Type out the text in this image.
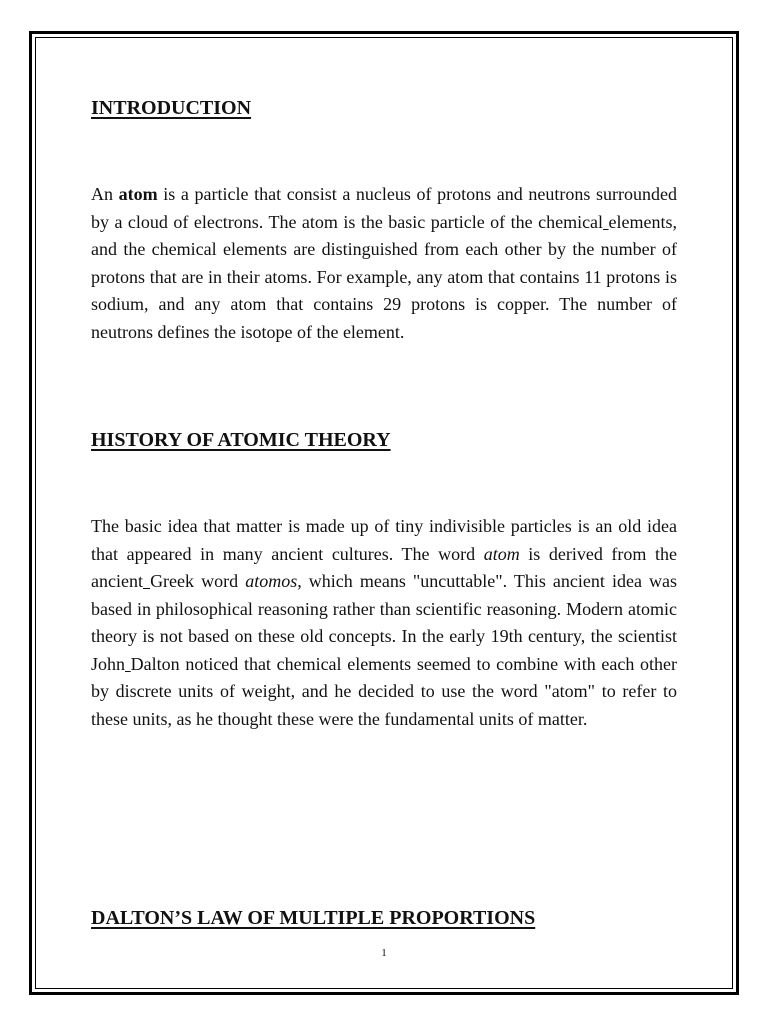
INTRODUCTION

An atom is a particle that consist a nucleus of protons and neutrons surrounded by a cloud of electrons. The atom is the basic particle of the chemical elements, and the chemical elements are distinguished from each other by the number of protons that are in their atoms. For example, any atom that contains 11 protons is sodium, and any atom that contains 29 protons is copper. The number of neutrons defines the isotope of the element.

HISTORY OF ATOMIC THEORY

The basic idea that matter is made up of tiny indivisible particles is an old idea that appeared in many ancient cultures. The word atom is derived from the ancient Greek word atomos, which means "uncuttable". This ancient idea was based in philosophical reasoning rather than scientific reasoning. Modern atomic theory is not based on these old concepts. In the early 19th century, the scientist John Dalton noticed that chemical elements seemed to combine with each other by discrete units of weight, and he decided to use the word "atom" to refer to these units, as he thought these were the fundamental units of matter.

DALTON’S LAW OF MULTIPLE PROPORTIONS
1
